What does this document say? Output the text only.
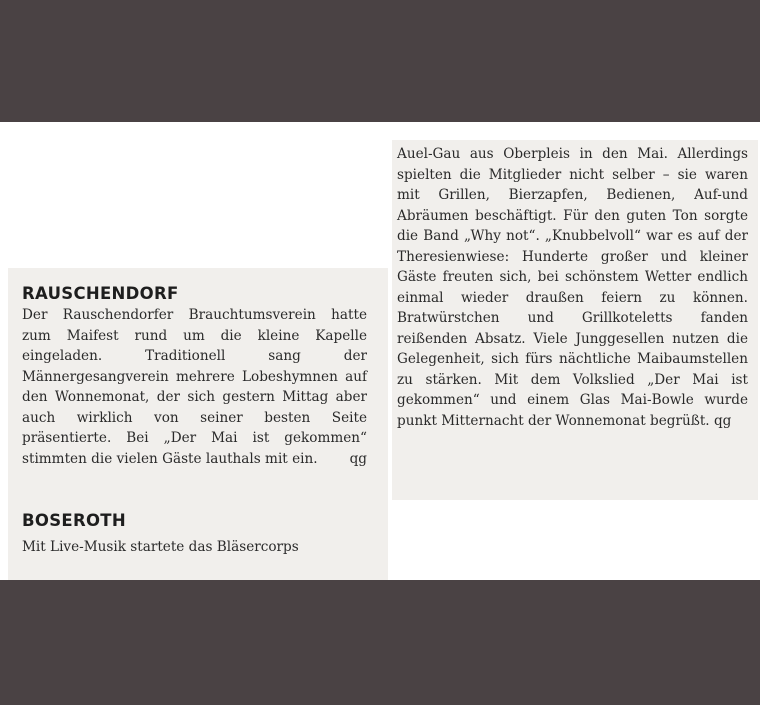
RAUSCHENDORF

Der Rauschendorfer Brauchtumsverein hatte zum Maifest rund um die kleine Kapelle eingeladen. Traditionell sang der Männergesangverein mehrere Lobeshymnen auf den Wonnemonat, der sich gestern Mittag aber auch wirklich von seiner besten Seite präsentierte. Bei „Der Mai ist gekommen“ stimmten die vielen Gäste lauthals mit ein. qg

BOSEROTH
Mit Live-Musik startete das Bläsercorps

Auel-Gau aus Oberpleis in den Mai. Allerdings spielten die Mitglieder nicht selber – sie waren mit Grillen, Bierzapfen, Bedienen, Auf-und Abräumen beschäftigt. Für den guten Ton sorgte die Band „Why not“. „Knubbelvoll“ war es auf der Theresienwiese: Hunderte großer und kleiner Gäste freuten sich, bei schönstem Wetter endlich einmal wieder draußen feiern zu können. Bratwürstchen und Grillkoteletts fanden reißenden Absatz. Viele Junggesellen nutzen die Gelegenheit, sich fürs nächtliche Maibaumstellen zu stärken. Mit dem Volkslied „Der Mai ist gekommen“ und einem Glas Mai-Bowle wurde punkt Mitternacht der Wonnemonat begrüßt. qg
